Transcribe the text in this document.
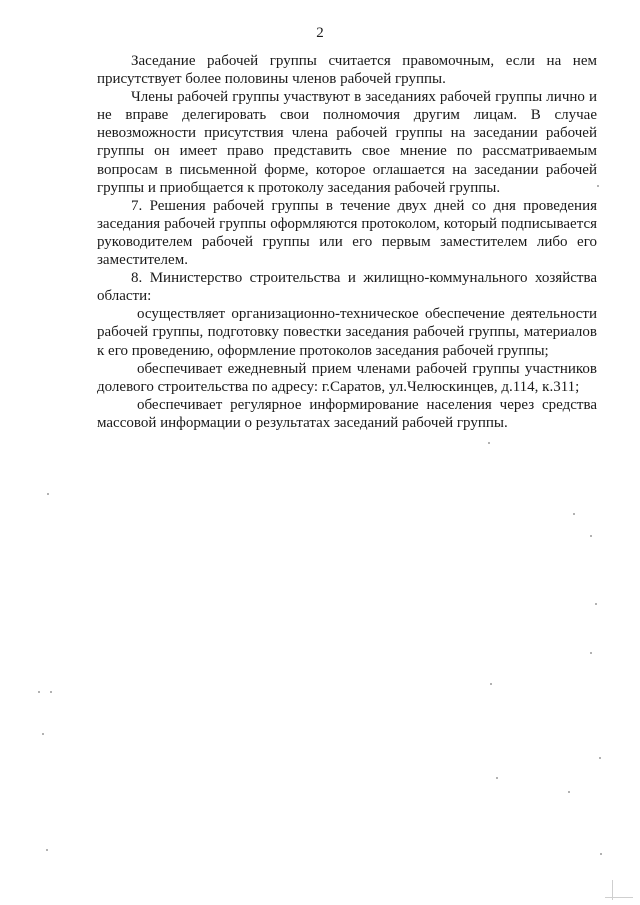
2

Заседание рабочей группы считается правомочным, если на нем присутствует более половины членов рабочей группы.

Члены рабочей группы участвуют в заседаниях рабочей группы лично и не вправе делегировать свои полномочия другим лицам. В случае невозможности присутствия члена рабочей группы на заседании рабочей группы он имеет право представить свое мнение по рассматриваемым вопросам в письменной форме, которое оглашается на заседании рабочей группы и приобщается к протоколу заседания рабочей группы.

7. Решения рабочей группы в течение двух дней со дня проведения заседания рабочей группы оформляются протоколом, который подписывается руководителем рабочей группы или его первым заместителем либо его заместителем.

8. Министерство строительства и жилищно-коммунального хозяйства области:

осуществляет организационно-техническое обеспечение деятельности рабочей группы, подготовку повестки заседания рабочей группы, материалов к его проведению, оформление протоколов заседания рабочей группы;

обеспечивает ежедневный прием членами рабочей группы участников долевого строительства по адресу: г.Саратов, ул.Челюскинцев, д.114, к.311;

обеспечивает регулярное информирование населения через средства массовой информации о результатах заседаний рабочей группы.
